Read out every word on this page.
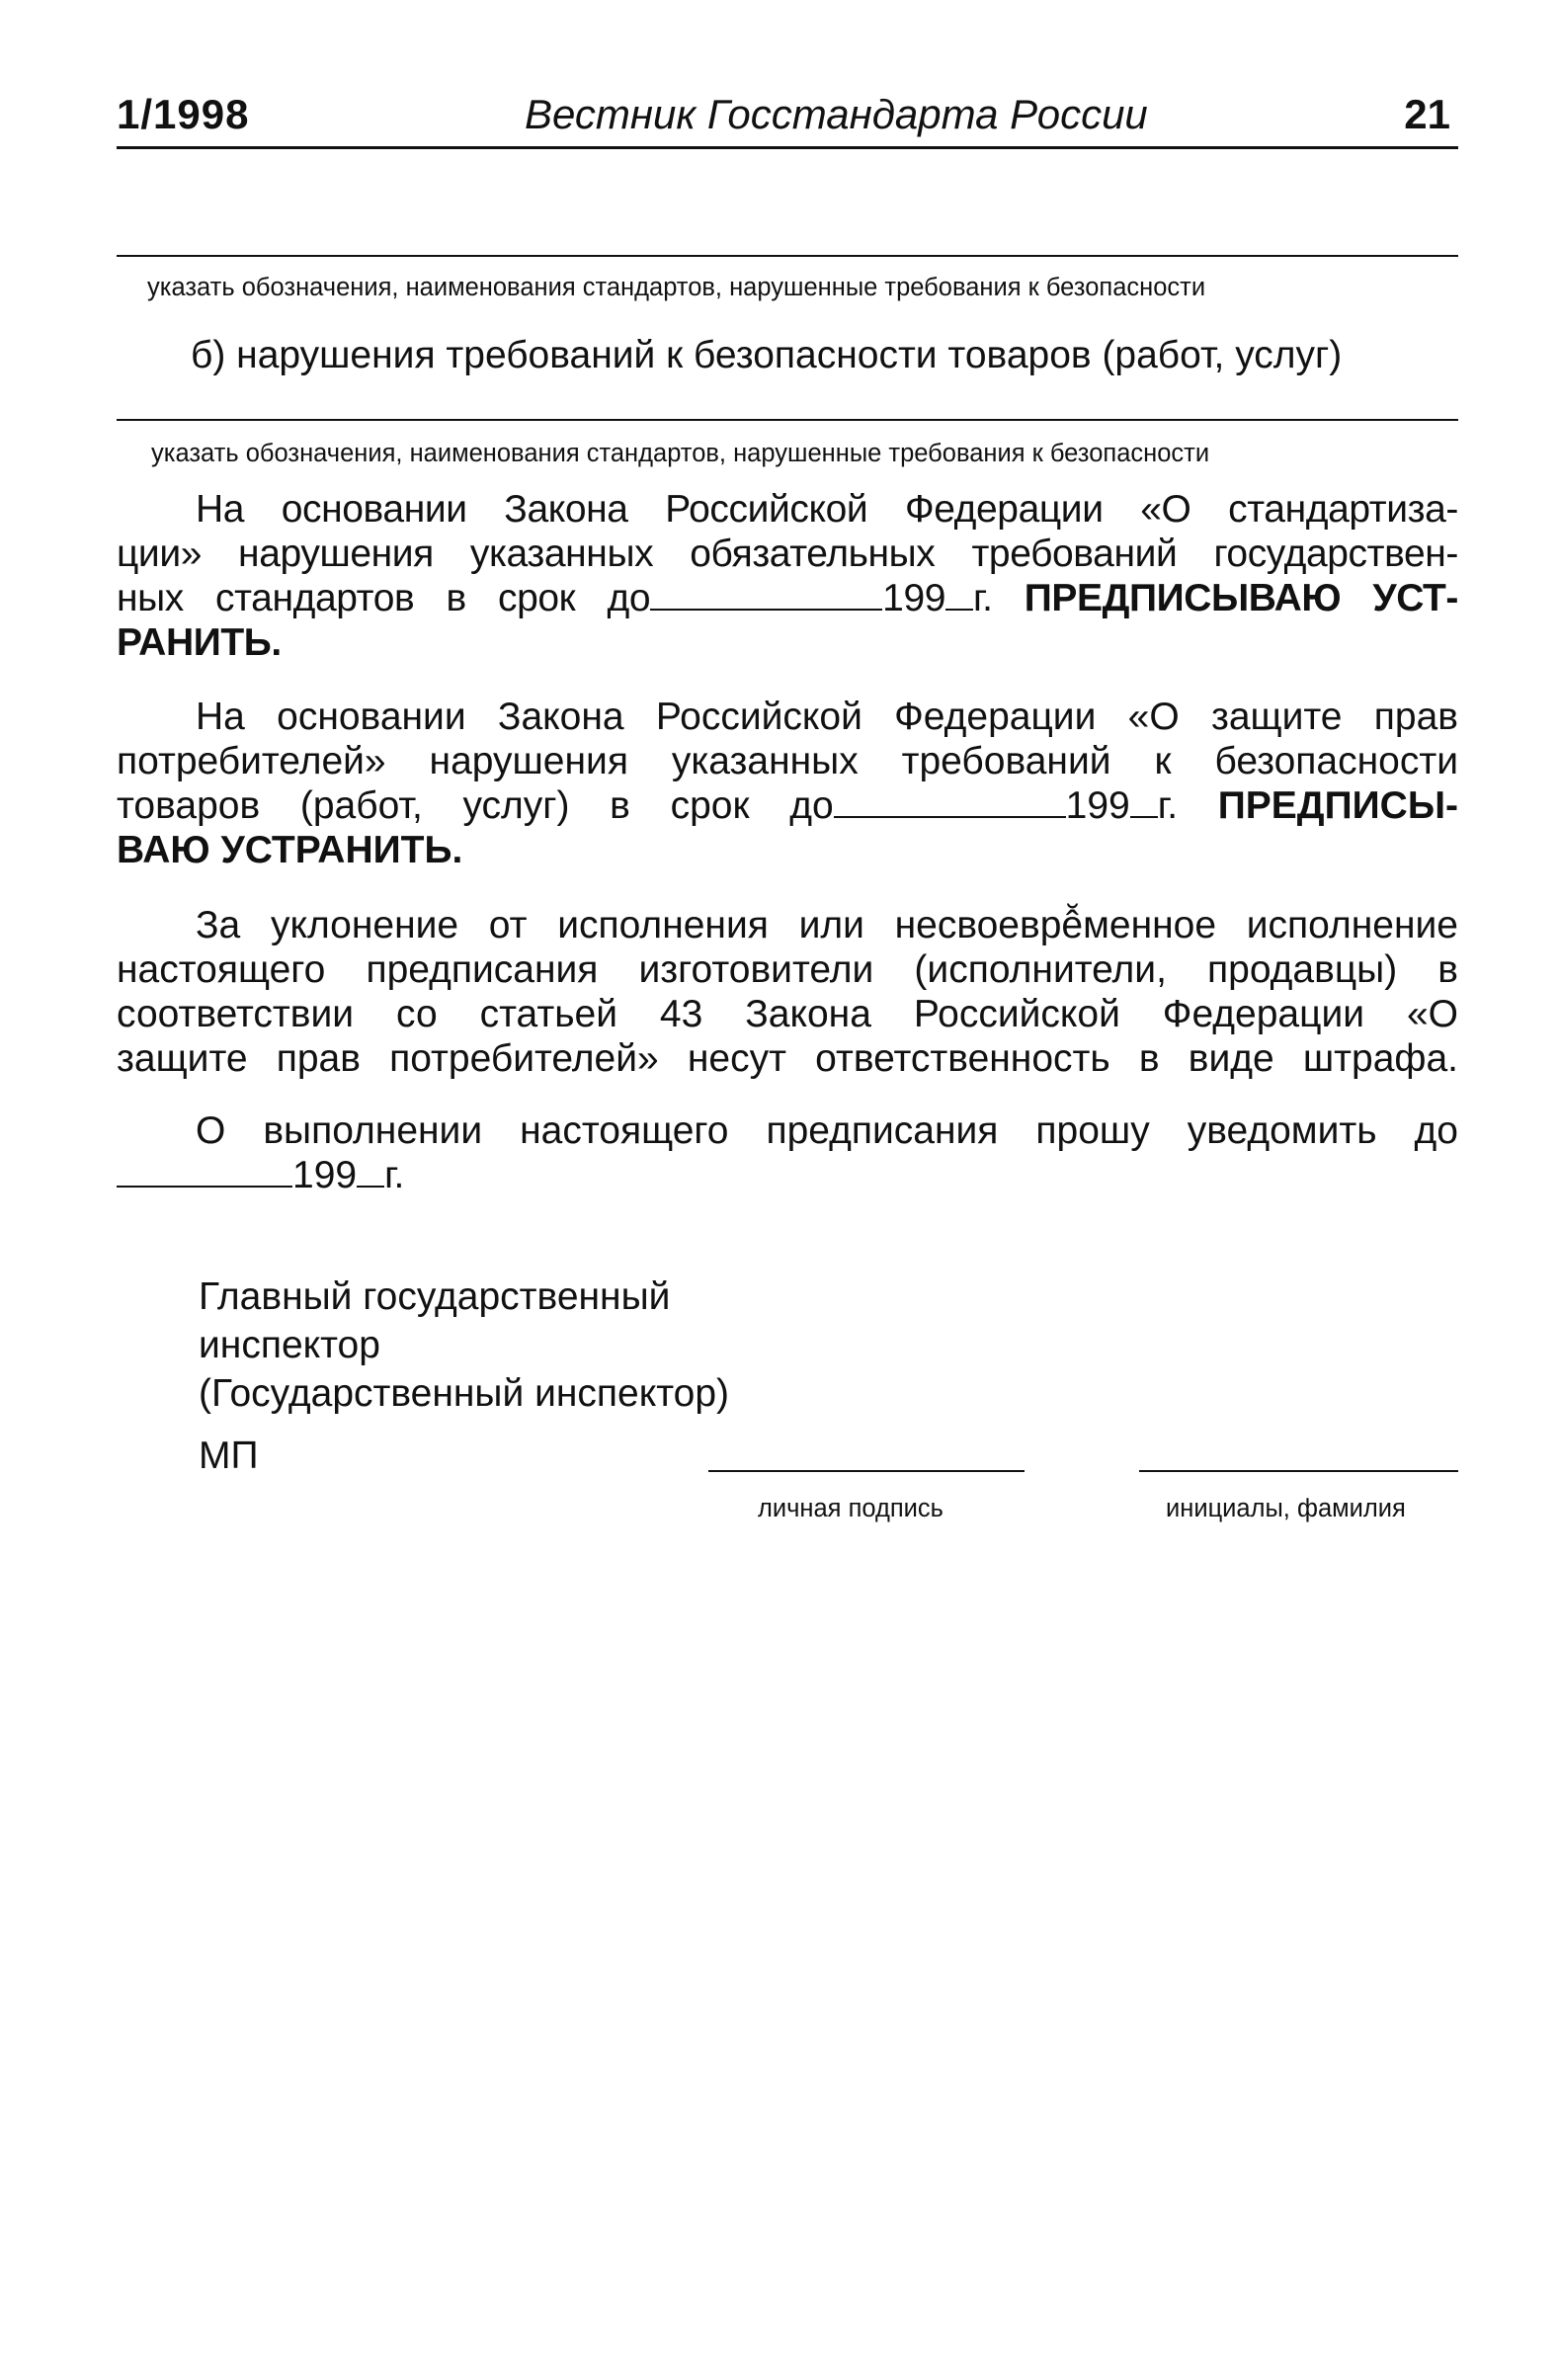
1/1998	Вестник Госстандарта России	21
указать обозначения, наименования стандартов, нарушенные требования к безопасности
б) нарушения требований к безопасности товаров (работ, услуг)
указать обозначения, наименования стандартов, нарушенные требования к безопасности
На основании Закона Российской Федерации «О стандартиза-
ции» нарушения указанных обязательных требований государствен-
ных стандартов в срок до	199 г. ПРЕДПИСЫВАЮ УСТ-
РАНИТЬ.
На основании Закона Российской Федерации «О защите прав
потребителей» нарушения указанных требований к безопасности
товаров (работ, услуг) в срок до	199 г. ПРЕДПИСЫ-
ВАЮ УСТРАНИТЬ.
За уклонение от исполнения или несвоеврê̆менное исполнение
настоящего предписания изготовители (исполнители, продавцы) в
соответствии со статьей 43 Закона Российской Федерации «О
защите прав потребителей» несут ответственность в виде штрафа.
О выполнении настоящего предписания прошу уведомить до
199 г.
Главный государственный
инспектор
(Государственный инспектор)
МП
личная подпись	инициалы, фамилия
